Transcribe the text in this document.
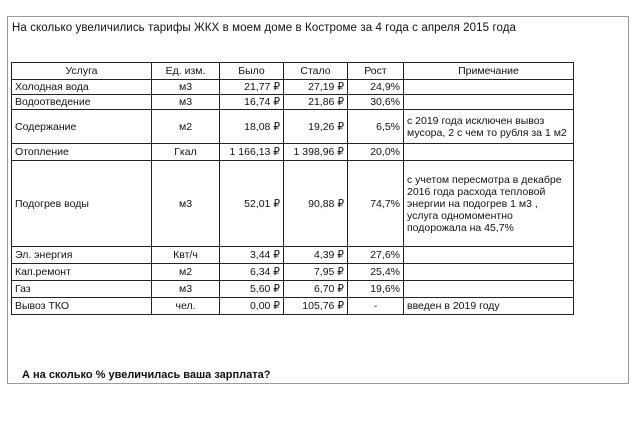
На сколько увеличились тарифы ЖКХ в моем доме в Костроме за 4 года с апреля 2015 года
Услуга	Ед. изм.	Было	Стало	Рост	Примечание
Холодная вода	м3	21,77 ₽	27,19 ₽	24,9%	
Водоотведение	м3	16,74 ₽	21,86 ₽	30,6%	
Содержание	м2	18,08 ₽	19,26 ₽	6,5%	с 2019 года исключен вывоз мусора, 2 с чем то рубля за 1 м2
Отопление	Гкал	1 166,13 ₽	1 398,96 ₽	20,0%	
Подогрев воды	м3	52,01 ₽	90,88 ₽	74,7%	с учетом пересмотра в декабре 2016 года расхода тепловой энергии на подогрев 1 м3 , услуга одномоментно подорожала на 45,7%
Эл. энергия	Квт/ч	3,44 ₽	4,39 ₽	27,6%	
Кап.ремонт	м2	6,34 ₽	7,95 ₽	25,4%	
Газ	м3	5,60 ₽	6,70 ₽	19,6%	
Вывоз ТКО	чел.	0,00 ₽	105,76 ₽	-	введен в 2019 году
А на сколько % увеличилась ваша зарплата?
